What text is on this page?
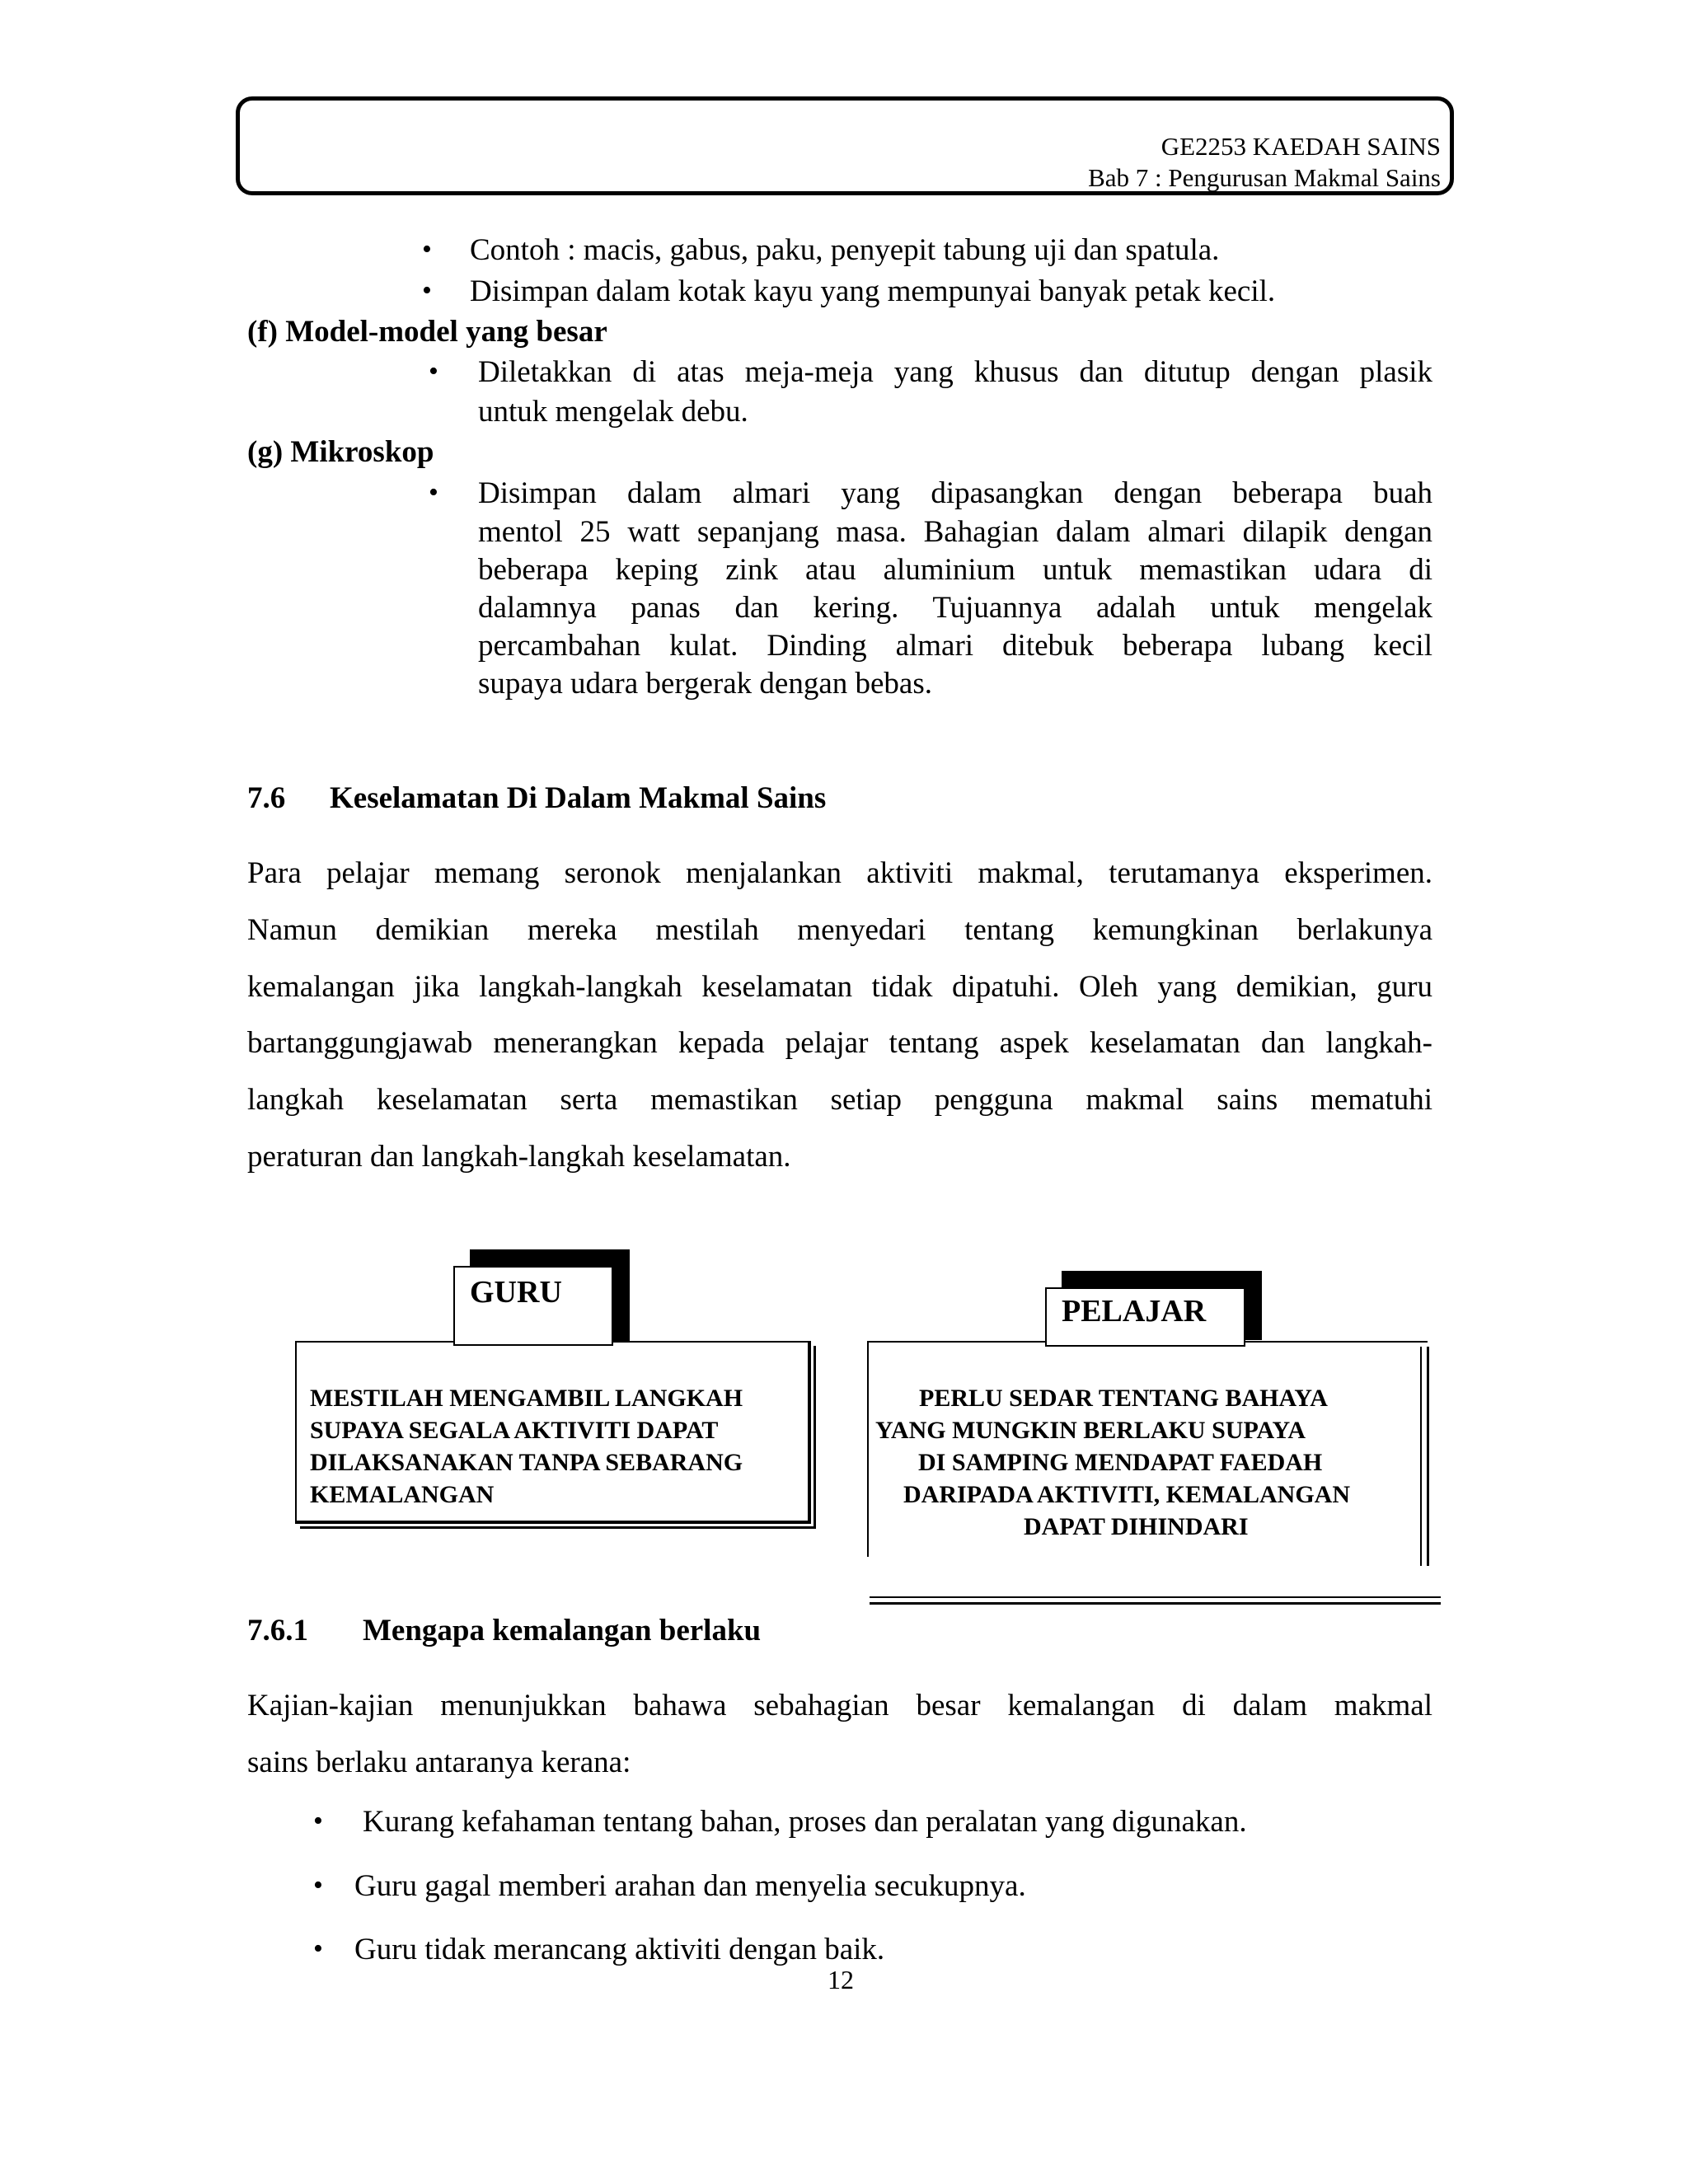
GE2253 KAEDAH SAINS
Bab 7 : Pengurusan Makmal Sains
• Contoh : macis, gabus, paku, penyepit tabung uji dan spatula.
• Disimpan dalam kotak kayu yang mempunyai banyak petak kecil.
(f) Model-model yang besar
• Diletakkan di atas meja-meja yang khusus dan ditutup dengan plasik
untuk mengelak debu.
(g) Mikroskop
• Disimpan dalam almari yang dipasangkan dengan beberapa buah
mentol 25 watt sepanjang masa. Bahagian dalam almari dilapik dengan
beberapa keping zink atau aluminium untuk memastikan udara di
dalamnya panas dan kering. Tujuannya adalah untuk mengelak
percambahan kulat. Dinding almari ditebuk beberapa lubang kecil
supaya udara bergerak dengan bebas.
7.6 Keselamatan Di Dalam Makmal Sains
Para pelajar memang seronok menjalankan aktiviti makmal, terutamanya eksperimen.
Namun demikian mereka mestilah menyedari tentang kemungkinan berlakunya
kemalangan jika langkah-langkah keselamatan tidak dipatuhi. Oleh yang demikian, guru
bartanggungjawab menerangkan kepada pelajar tentang aspek keselamatan dan langkah-
langkah keselamatan serta memastikan setiap pengguna makmal sains mematuhi
peraturan dan langkah-langkah keselamatan.
GURU
MESTILAH MENGAMBIL LANGKAH
SUPAYA SEGALA AKTIVITI DAPAT
DILAKSANAKAN TANPA SEBARANG
KEMALANGAN
PELAJAR
PERLU SEDAR TENTANG BAHAYA
YANG MUNGKIN BERLAKU SUPAYA
DI SAMPING MENDAPAT FAEDAH
DARIPADA AKTIVITI, KEMALANGAN
DAPAT DIHINDARI
7.6.1 Mengapa kemalangan berlaku
Kajian-kajian menunjukkan bahawa sebahagian besar kemalangan di dalam makmal
sains berlaku antaranya kerana:
• Kurang kefahaman tentang bahan, proses dan peralatan yang digunakan.
• Guru gagal memberi arahan dan menyelia secukupnya.
• Guru tidak merancang aktiviti dengan baik.
12
